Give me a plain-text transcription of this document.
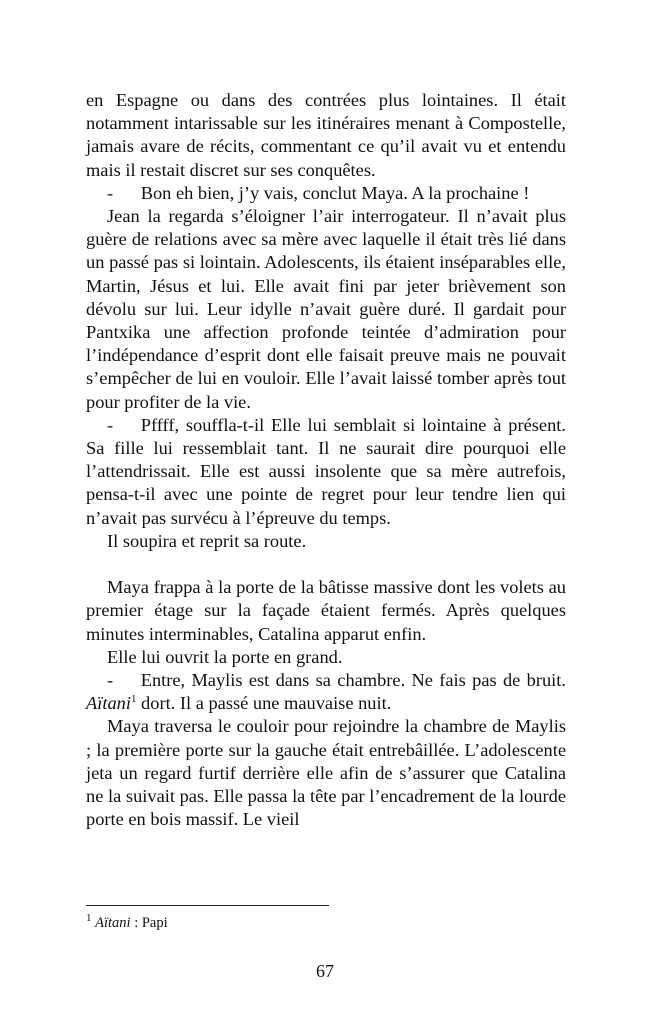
en Espagne ou dans des contrées plus lointaines. Il était notamment intarissable sur les itinéraires menant à Compostelle, jamais avare de récits, commentant ce qu’il avait vu et entendu mais il restait discret sur ses conquêtes.

-  Bon eh bien, j’y vais, conclut Maya. A la prochaine !

Jean la regarda s’éloigner l’air interrogateur. Il n’avait plus guère de relations avec sa mère avec laquelle il était très lié dans un passé pas si lointain. Adolescents, ils étaient inséparables elle, Martin, Jésus et lui. Elle avait fini par jeter brièvement son dévolu sur lui. Leur idylle n’avait guère duré. Il gardait pour Pantxika une affection profonde teintée d’admiration pour l’indépendance d’esprit dont elle faisait preuve mais ne pouvait s’empêcher de lui en vouloir. Elle l’avait laissé tomber après tout pour profiter de la vie.

-  Pffff, souffla-t-il Elle lui semblait si lointaine à présent. Sa fille lui ressemblait tant. Il ne saurait dire pourquoi elle l’attendrissait. Elle est aussi insolente que sa mère autrefois, pensa-t-il avec une pointe de regret pour leur tendre lien qui n’avait pas survécu à l’épreuve du temps.

Il soupira et reprit sa route.

Maya frappa à la porte de la bâtisse massive dont les volets au premier étage sur la façade étaient fermés. Après quelques minutes interminables, Catalina apparut enfin.

Elle lui ouvrit la porte en grand.

-  Entre, Maylis est dans sa chambre. Ne fais pas de bruit. Aïtani$^1$ dort. Il a passé une mauvaise nuit.

Maya traversa le couloir pour rejoindre la chambre de Maylis ; la première porte sur la gauche était entrebâillée. L’adolescente jeta un regard furtif derrière elle afin de s’assurer que Catalina ne la suivait pas. Elle passa la tête par l’encadrement de la lourde porte en bois massif. Le vieil

$^1$ Aïtani : Papi
67
